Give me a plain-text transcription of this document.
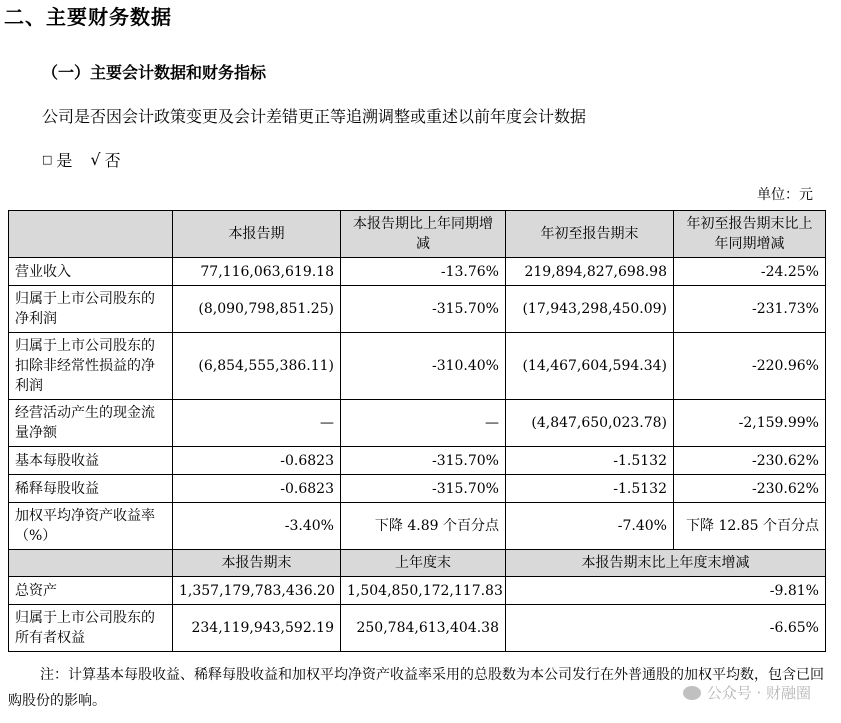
二、主要财务数据
（一）主要会计数据和财务指标
公司是否因会计政策变更及会计差错更正等追溯调整或重述以前年度会计数据
□ 是 √ 否
单位：元
	本报告期	本报告期比上年同期增减	年初至报告期末	年初至报告期末比上年同期增减
营业收入	77,116,063,619.18	-13.76%	219,894,827,698.98	-24.25%
归属于上市公司股东的净利润	(8,090,798,851.25)	-315.70%	(17,943,298,450.09)	-231.73%
归属于上市公司股东的扣除非经常性损益的净利润	(6,854,555,386.11)	-310.40%	(14,467,604,594.34)	-220.96%
经营活动产生的现金流量净额	—	—	(4,847,650,023.78)	-2,159.99%
基本每股收益	-0.6823	-315.70%	-1.5132	-230.62%
稀释每股收益	-0.6823	-315.70%	-1.5132	-230.62%
加权平均净资产收益率（%）	-3.40%	下降 4.89 个百分点	-7.40%	下降 12.85 个百分点
	本报告期末	上年度末	本报告期末比上年度末增减	
总资产	1,357,179,783,436.20	1,504,850,172,117.83	-9.81%	
归属于上市公司股东的所有者权益	234,119,943,592.19	250,784,613,404.38	-6.65%	
注：计算基本每股收益、稀释每股收益和加权平均净资产收益率采用的总股数为本公司发行在外普通股的加权平均数，包含已回购股份的影响。	公众号 · 财融圈
